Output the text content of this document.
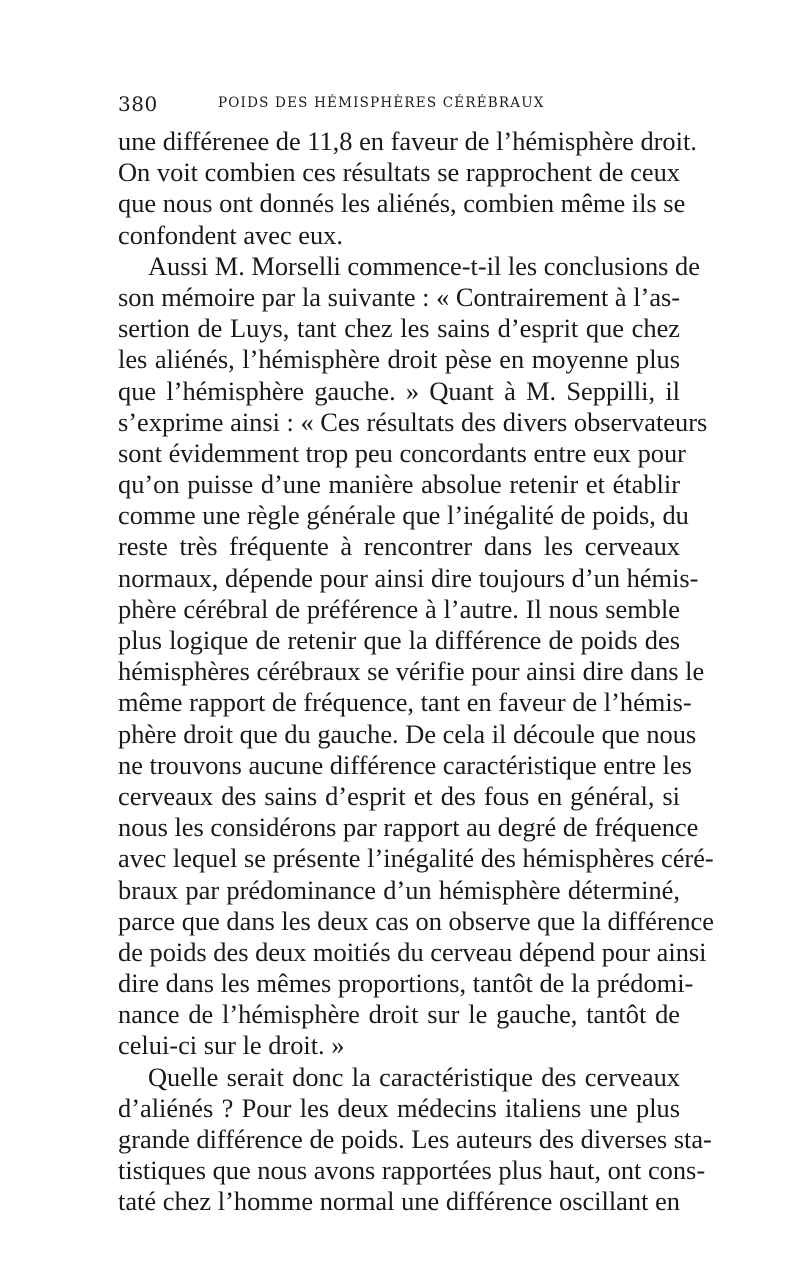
380	POIDS DES HÉMISPHÈRES CÉRÉBRAUX
une différenee de 11,8 en faveur de l’hémisphère droit.
On voit combien ces résultats se rapprochent de ceux
que nous ont donnés les aliénés, combien même ils se
confondent avec eux.
Aussi M. Morselli commence-t-il les conclusions de
son mémoire par la suivante : « Contrairement à l’as-
sertion de Luys, tant chez les sains d’esprit que chez
les aliénés, l’hémisphère droit pèse en moyenne plus
que l’hémisphère gauche. » Quant à M. Seppilli, il
s’exprime ainsi : « Ces résultats des divers observateurs
sont évidemment trop peu concordants entre eux pour
qu’on puisse d’une manière absolue retenir et établir
comme une règle générale que l’inégalité de poids, du
reste très fréquente à rencontrer dans les cerveaux
normaux, dépende pour ainsi dire toujours d’un hémis-
phère cérébral de préférence à l’autre. Il nous semble
plus logique de retenir que la différence de poids des
hémisphères cérébraux se vérifie pour ainsi dire dans le
même rapport de fréquence, tant en faveur de l’hémis-
phère droit que du gauche. De cela il découle que nous
ne trouvons aucune différence caractéristique entre les
cerveaux des sains d’esprit et des fous en général, si
nous les considérons par rapport au degré de fréquence
avec lequel se présente l’inégalité des hémisphères céré-
braux par prédominance d’un hémisphère déterminé,
parce que dans les deux cas on observe que la différence
de poids des deux moitiés du cerveau dépend pour ainsi
dire dans les mêmes proportions, tantôt de la prédomi-
nance de l’hémisphère droit sur le gauche, tantôt de
celui-ci sur le droit. »
Quelle serait donc la caractéristique des cerveaux
d’aliénés ? Pour les deux médecins italiens une plus
grande différence de poids. Les auteurs des diverses sta-
tistiques que nous avons rapportées plus haut, ont cons-
taté chez l’homme normal une différence oscillant en
